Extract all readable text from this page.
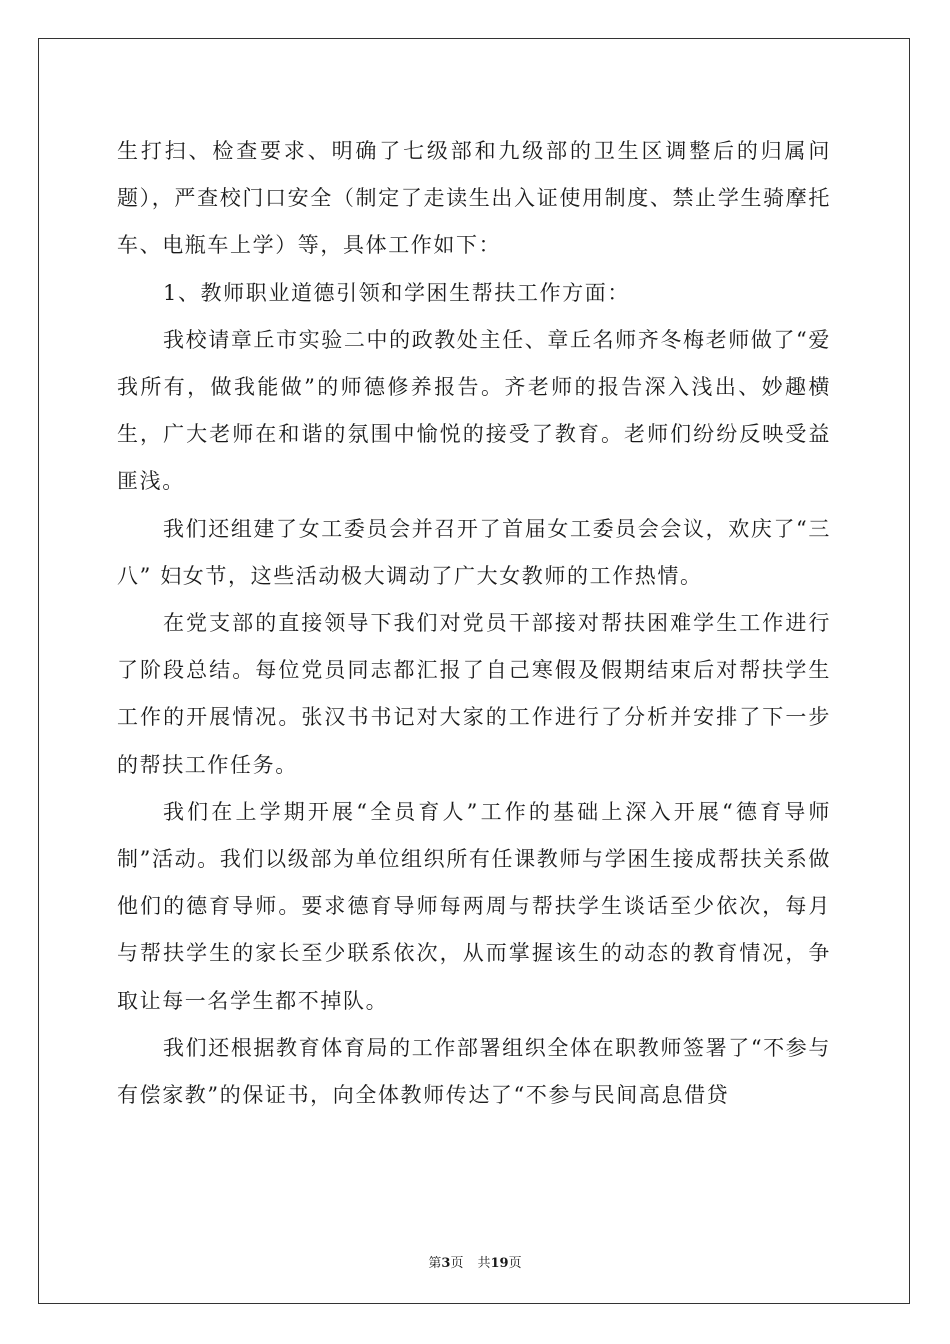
生打扫、检查要求、明确了七级部和九级部的卫生区调整后的归属问题），严查校门口安全（制定了走读生出入证使用制度、禁止学生骑摩托车、电瓶车上学）等，具体工作如下：

1、教师职业道德引领和学困生帮扶工作方面：

我校请章丘市实验二中的政教处主任、章丘名师齐冬梅老师做了“爱我所有，做我能做”的师德修养报告。齐老师的报告深入浅出、妙趣横生，广大老师在和谐的氛围中愉悦的接受了教育。老师们纷纷反映受益匪浅。

我们还组建了女工委员会并召开了首届女工委员会会议，欢庆了“三八” 妇女节，这些活动极大调动了广大女教师的工作热情。

在党支部的直接领导下我们对党员干部接对帮扶困难学生工作进行了阶段总结。每位党员同志都汇报了自己寒假及假期结束后对帮扶学生工作的开展情况。张汉书书记对大家的工作进行了分析并安排了下一步的帮扶工作任务。

我们在上学期开展“全员育人”工作的基础上深入开展“德育导师制”活动。我们以级部为单位组织所有任课教师与学困生接成帮扶关系做他们的德育导师。要求德育导师每两周与帮扶学生谈话至少依次，每月与帮扶学生的家长至少联系依次，从而掌握该生的动态的教育情况，争取让每一名学生都不掉队。

我们还根据教育体育局的工作部署组织全体在职教师签署了“不参与有偿家教”的保证书，向全体教师传达了“不参与民间高息借贷

第3页 共19页
